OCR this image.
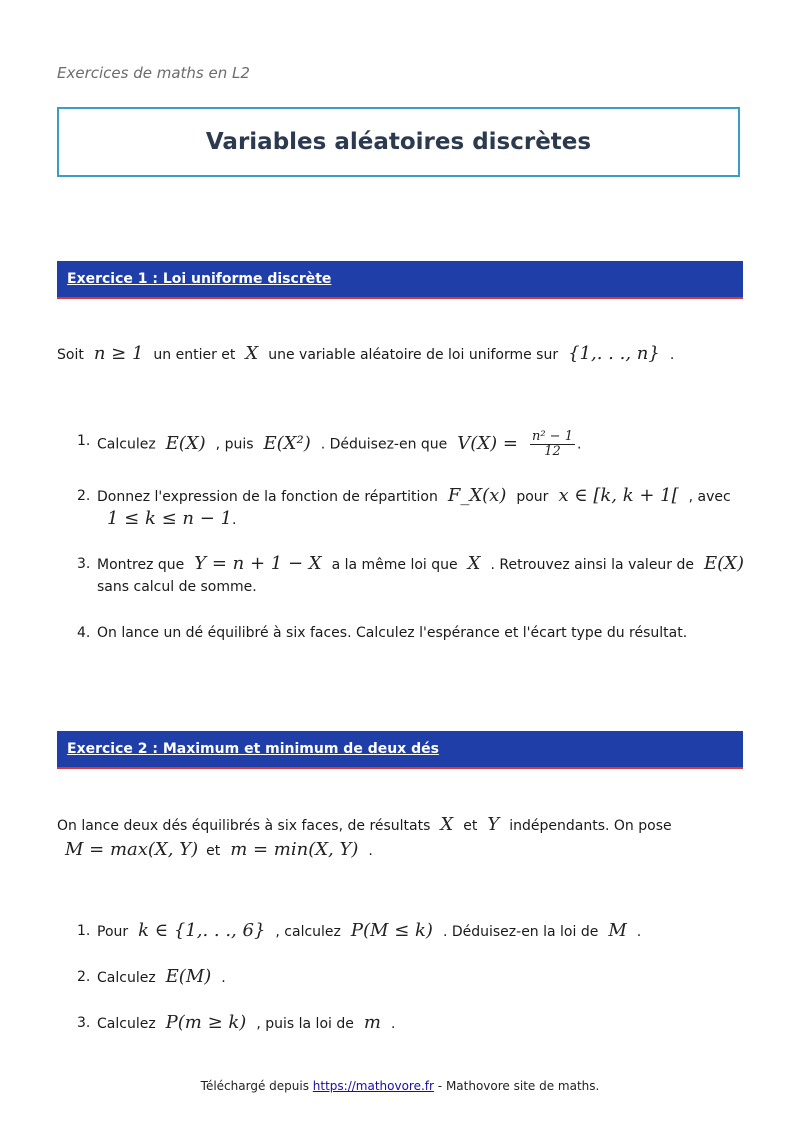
Exercices de maths en L2
Variables aléatoires discrètes
Exercice 1 : Loi uniforme discrète
Soit n ≥ 1 un entier et X une variable aléatoire de loi uniforme sur {1,. . ., n} .
1. Calculez E(X) , puis E(X²) . Déduisez-en que $V(X) = \frac{\text{n² − 1}}{12}$ .
2. Donnez l'expression de la fonction de répartition F_X(x) pour x ∈ [k, k + 1[ , avec
1 ≤ k ≤ n − 1.
3. Montrez que Y = n + 1 − X a la même loi que X . Retrouvez ainsi la valeur de E(X)
sans calcul de somme.
4. On lance un dé équilibré à six faces. Calculez l'espérance et l'écart type du résultat.
Exercice 2 : Maximum et minimum de deux dés
On lance deux dés équilibrés à six faces, de résultats X et Y indépendants. On pose
M = max(X, Y) et m = min(X, Y) .
1. Pour k ∈ {1,. . ., 6} , calculez P(M ≤ k) . Déduisez-en la loi de M .
2. Calculez E(M) .
3. Calculez P(m ≥ k) , puis la loi de m .
Téléchargé depuis https://mathovore.fr - Mathovore site de maths.
